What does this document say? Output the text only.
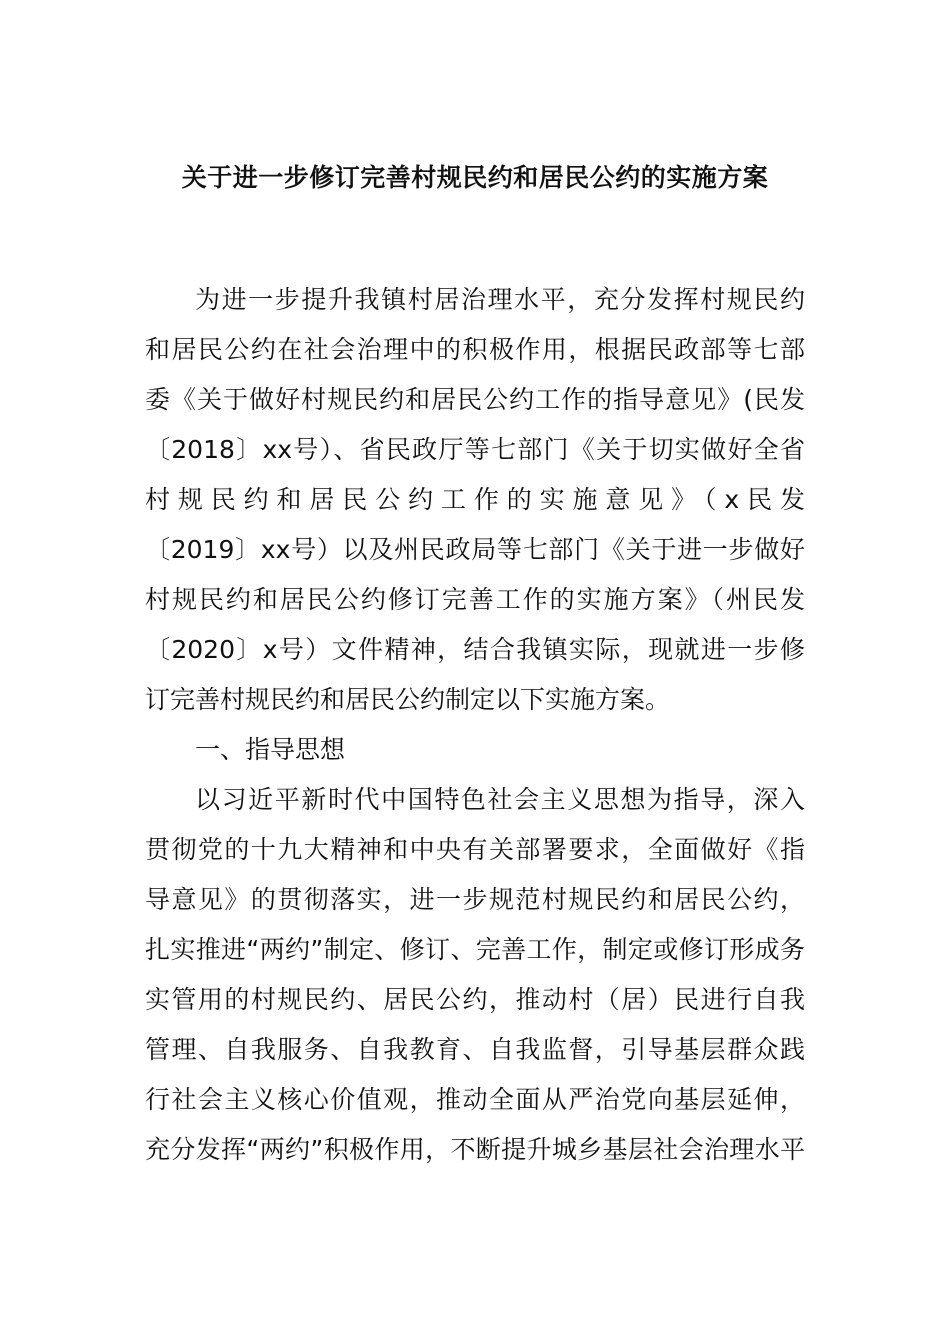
关于进一步修订完善村规民约和居民公约的实施方案
为进一步提升我镇村居治理水平，充分发挥村规民约
和居民公约在社会治理中的积极作用，根据民政部等七部
委《关于做好村规民约和居民公约工作的指导意见》(民发
〔2018〕xx号）、省民政厅等七部门《关于切实做好全省
村规民约和居民公约工作的实施意见》（x民发
〔2019〕xx号）以及州民政局等七部门《关于进一步做好
村规民约和居民公约修订完善工作的实施方案》（州民发
〔2020〕x号）文件精神，结合我镇实际，现就进一步修
订完善村规民约和居民公约制定以下实施方案。
一、指导思想
以习近平新时代中国特色社会主义思想为指导，深入
贯彻党的十九大精神和中央有关部署要求，全面做好《指
导意见》的贯彻落实，进一步规范村规民约和居民公约，
扎实推进“两约”制定、修订、完善工作，制定或修订形成务
实管用的村规民约、居民公约，推动村（居）民进行自我
管理、自我服务、自我教育、自我监督，引导基层群众践
行社会主义核心价值观，推动全面从严治党向基层延伸，
充分发挥“两约”积极作用，不断提升城乡基层社会治理水平
